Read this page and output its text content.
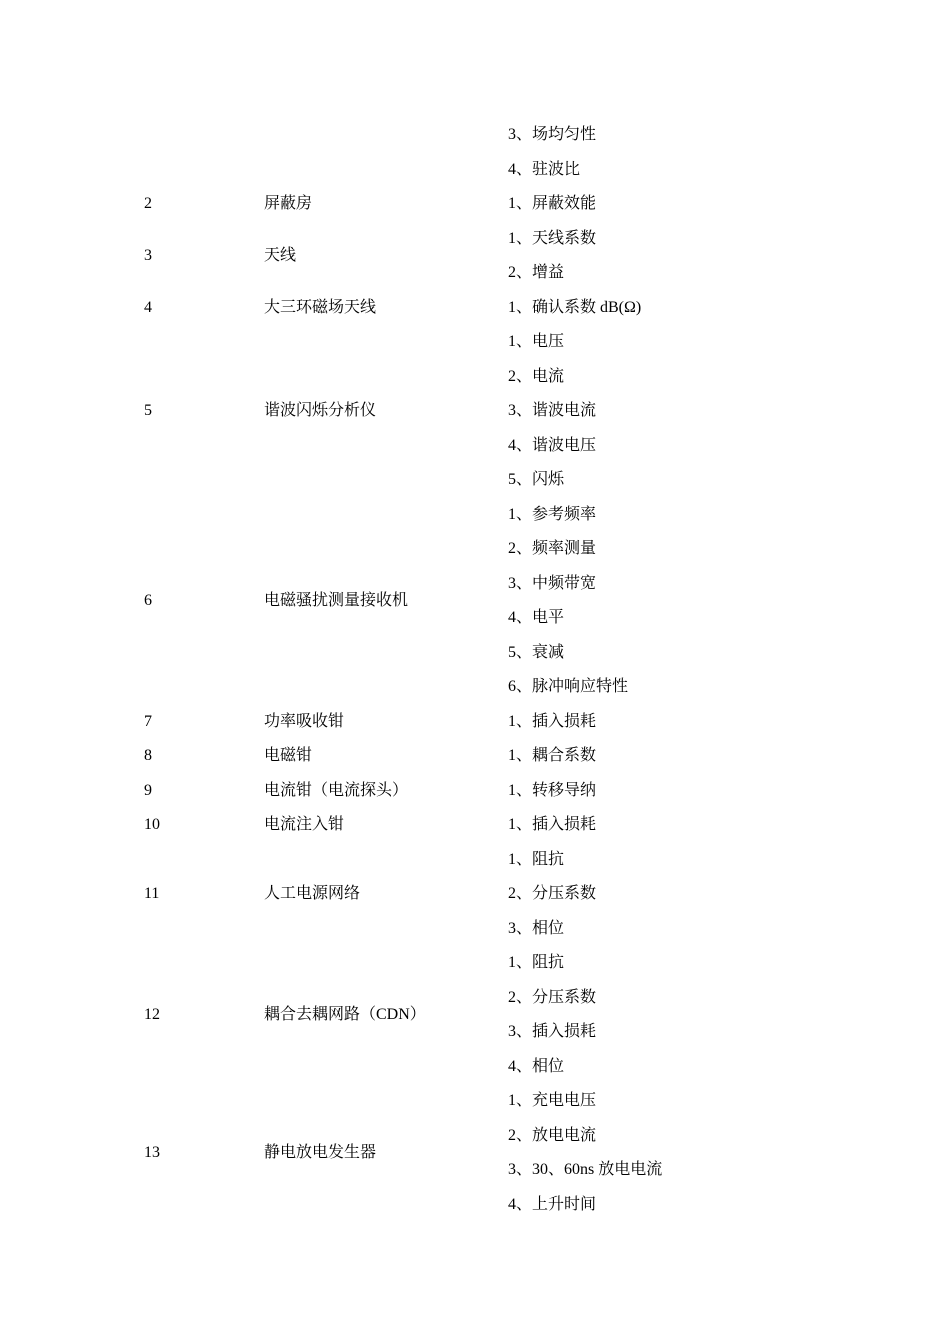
		3、场均匀性
		4、驻波比
2	屏蔽房	1、屏蔽效能
3	天线	1、天线系数
		2、增益
4	大三环磁场天线	1、确认系数 dB(Ω)
5	谐波闪烁分析仪	1、电压
		2、电流
		3、谐波电流
		4、谐波电压
		5、闪烁
6	电磁骚扰测量接收机	1、参考频率
		2、频率测量
		3、中频带宽
		4、电平
		5、衰减
		6、脉冲响应特性
7	功率吸收钳	1、插入损耗
8	电磁钳	1、耦合系数
9	电流钳（电流探头）	1、转移导纳
10	电流注入钳	1、插入损耗
11	人工电源网络	1、阻抗
		2、分压系数
		3、相位
12	耦合去耦网路（CDN）	1、阻抗
		2、分压系数
		3、插入损耗
		4、相位
13	静电放电发生器	1、充电电压
		2、放电电流
		3、30、60ns 放电电流
		4、上升时间
